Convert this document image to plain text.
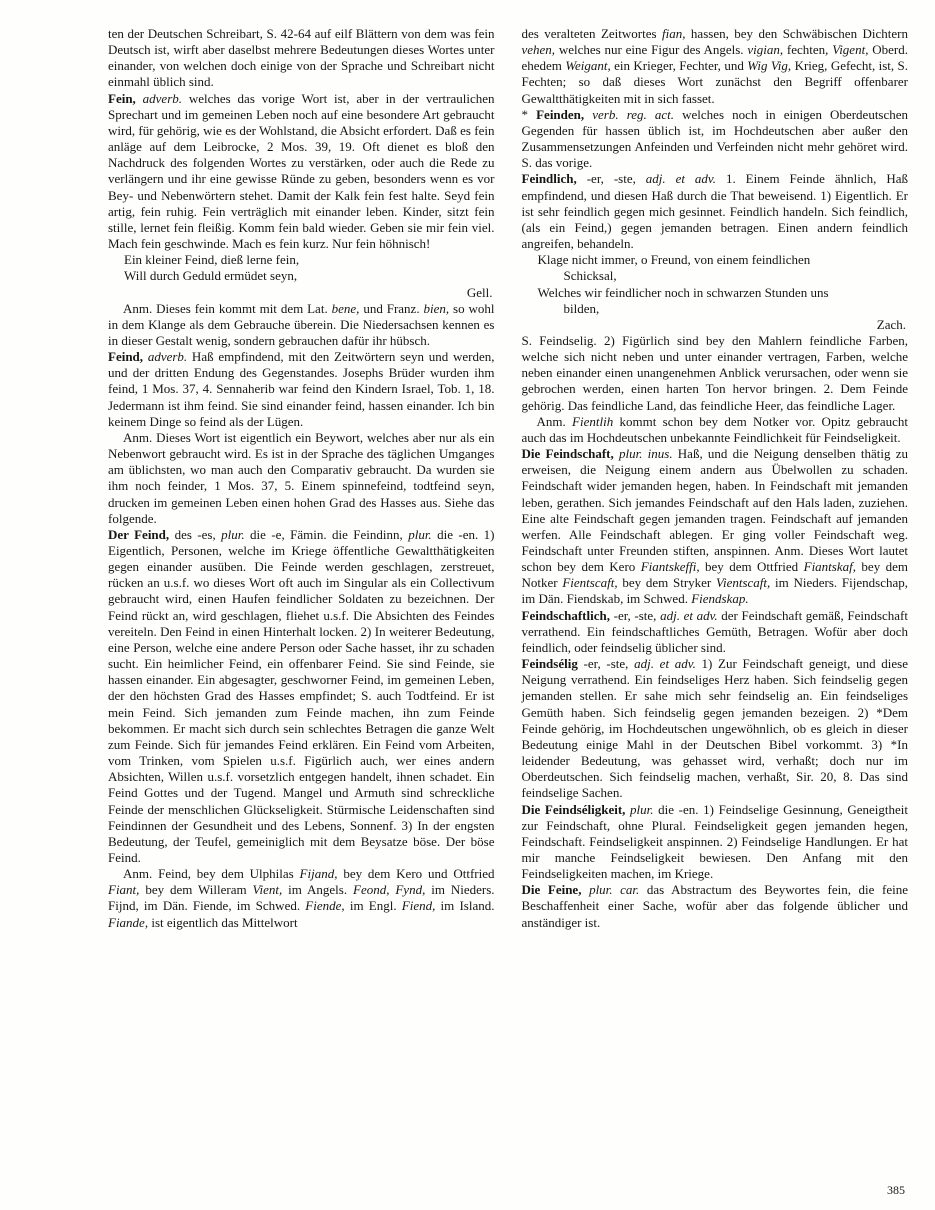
ten der Deutschen Schreibart, S. 42-64 auf eilf Blättern von dem was fein Deutsch ist, wirft aber daselbst mehrere Bedeutungen dieses Wortes unter einander, von welchen doch einige von der Sprache und Schreibart nicht einmahl üblich sind.

Fein, adverb. welches das vorige Wort ist, aber in der vertraulichen Sprechart und im gemeinen Leben noch auf eine besondere Art gebraucht wird, für gehörig, wie es der Wohlstand, die Absicht erfordert. Daß es fein anläge auf dem Leibrocke, 2 Mos. 39, 19. Oft dienet es bloß den Nachdruck des folgenden Wortes zu verstärken, oder auch die Rede zu verlängern und ihr eine gewisse Ründe zu geben, besonders wenn es vor Bey- und Nebenwörtern stehet. Damit der Kalk fein fest halte. Seyd fein artig, fein ruhig. Fein verträglich mit einander leben. Kinder, sitzt fein stille, lernet fein fleißig. Komm fein bald wieder. Geben sie mir fein viel. Mach fein geschwinde. Mach es fein kurz. Nur fein höhnisch!

Ein kleiner Feind, dieß lerne fein,
Will durch Geduld ermüdet seyn,
Gell.

Anm. Dieses fein kommt mit dem Lat. bene, und Franz. bien, so wohl in dem Klange als dem Gebrauche überein. Die Niedersachsen kennen es in dieser Gestalt wenig, sondern gebrauchen dafür ihr hübsch.

Feind, adverb. Haß empfindend, mit den Zeitwörtern seyn und werden, und der dritten Endung des Gegenstandes. Josephs Brüder wurden ihm feind, 1 Mos. 37, 4. Sennaherib war feind den Kindern Israel, Tob. 1, 18. Jedermann ist ihm feind. Sie sind einander feind, hassen einander. Ich bin keinem Dinge so feind als der Lügen.

Anm. Dieses Wort ist eigentlich ein Beywort, welches aber nur als ein Nebenwort gebraucht wird. Es ist in der Sprache des täglichen Umganges am üblichsten, wo man auch den Comparativ gebraucht. Da wurden sie ihm noch feinder, 1 Mos. 37, 5. Einem spinnefeind, todtfeind seyn, drucken im gemeinen Leben einen hohen Grad des Hasses aus. Siehe das folgende.

Der Feind, des -es, plur. die -e, Fämin. die Feindinn, plur. die -en. 1) Eigentlich, Personen, welche im Kriege öffentliche Gewaltthätigkeiten gegen einander ausüben. Die Feinde werden geschlagen, zerstreuet, rücken an u.s.f. wo dieses Wort oft auch im Singular als ein Collectivum gebraucht wird, einen Haufen feindlicher Soldaten zu bezeichnen. Der Feind rückt an, wird geschlagen, fliehet u.s.f. Die Absichten des Feindes vereiteln. Den Feind in einen Hinterhalt locken. 2) In weiterer Bedeutung, eine Person, welche eine andere Person oder Sache hasset, ihr zu schaden sucht. Ein heimlicher Feind, ein offenbarer Feind. Sie sind Feinde, sie hassen einander. Ein abgesagter, geschworner Feind, im gemeinen Leben, der den höchsten Grad des Hasses empfindet; S. auch Todtfeind. Er ist mein Feind. Sich jemanden zum Feinde machen, ihn zum Feinde bekommen. Er macht sich durch sein schlechtes Betragen die ganze Welt zum Feinde. Sich für jemandes Feind erklären. Ein Feind vom Arbeiten, vom Trinken, vom Spielen u.s.f. Figürlich auch, wer eines andern Absichten, Willen u.s.f. vorsetzlich entgegen handelt, ihnen schadet. Ein Feind Gottes und der Tugend. Mangel und Armuth sind schreckliche Feinde der menschlichen Glückseligkeit. Stürmische Leidenschaften sind Feindinnen der Gesundheit und des Lebens, Sonnenf. 3) In der engsten Bedeutung, der Teufel, gemeiniglich mit dem Beysatze böse. Der böse Feind.

Anm. Feind, bey dem Ulphilas Fijand, bey dem Kero und Ottfried Fiant, bey dem Willeram Vient, im Angels. Feond, Fynd, im Nieders. Fijnd, im Dän. Fiende, im Schwed. Fiende, im Engl. Fiend, im Island. Fiande, ist eigentlich das Mittelwort

des veralteten Zeitwortes fian, hassen, bey den Schwäbischen Dichtern vehen, welches nur eine Figur des Angels. vigian, fechten, Vigent, Oberd. ehedem Weigant, ein Krieger, Fechter, und Wig Vig, Krieg, Gefecht, ist, S. Fechten; so daß dieses Wort zunächst den Begriff offenbarer Gewaltthätigkeiten mit in sich fasset.

* Feinden, verb. reg. act. welches noch in einigen Oberdeutschen Gegenden für hassen üblich ist, im Hochdeutschen aber außer den Zusammensetzungen Anfeinden und Verfeinden nicht mehr gehöret wird. S. das vorige.

Feindlich, -er, -ste, adj. et adv. 1. Einem Feinde ähnlich, Haß empfindend, und diesen Haß durch die That beweisend. 1) Eigentlich. Er ist sehr feindlich gegen mich gesinnet. Feindlich handeln. Sich feindlich, (als ein Feind,) gegen jemanden betragen. Einen andern feindlich angreifen, behandeln.

Klage nicht immer, o Freund, von einem feindlichen
Schicksal,
Welches wir feindlicher noch in schwarzen Stunden uns
bilden,
Zach.

S. Feindselig. 2) Figürlich sind bey den Mahlern feindliche Farben, welche sich nicht neben und unter einander vertragen, Farben, welche neben einander einen unangenehmen Anblick verursachen, oder wenn sie gebrochen werden, einen harten Ton hervor bringen. 2. Dem Feinde gehörig. Das feindliche Land, das feindliche Heer, das feindliche Lager.

Anm. Fientlih kommt schon bey dem Notker vor. Opitz gebraucht auch das im Hochdeutschen unbekannte Feindlichkeit für Feindseligkeit.

Die Feindschaft, plur. inus. Haß, und die Neigung denselben thätig zu erweisen, die Neigung einem andern aus Übelwollen zu schaden. Feindschaft wider jemanden hegen, haben. In Feindschaft mit jemanden leben, gerathen. Sich jemandes Feindschaft auf den Hals laden, zuziehen. Eine alte Feindschaft gegen jemanden tragen. Feindschaft auf jemanden werfen. Alle Feindschaft ablegen. Er ging voller Feindschaft weg. Feindschaft unter Freunden stiften, anspinnen. Anm. Dieses Wort lautet schon bey dem Kero Fiantskeffi, bey dem Ottfried Fiantskaf, bey dem Notker Fientscaft, bey dem Stryker Vientscaft, im Nieders. Fijendschap, im Dän. Fiendskab, im Schwed. Fiendskap.

Feindschaftlich, -er, -ste, adj. et adv. der Feindschaft gemäß, Feindschaft verrathend. Ein feindschaftliches Gemüth, Betragen. Wofür aber doch feindlich, oder feindselig üblicher sind.

Feindsélig -er, -ste, adj. et adv. 1) Zur Feindschaft geneigt, und diese Neigung verrathend. Ein feindseliges Herz haben. Sich feindselig gegen jemanden stellen. Er sahe mich sehr feindselig an. Ein feindseliges Gemüth haben. Sich feindselig gegen jemanden bezeigen. 2) *Dem Feinde gehörig, im Hochdeutschen ungewöhnlich, ob es gleich in dieser Bedeutung einige Mahl in der Deutschen Bibel vorkommt. 3) *In leidender Bedeutung, was gehasset wird, verhaßt; doch nur im Oberdeutschen. Sich feindselig machen, verhaßt, Sir. 20, 8. Das sind feindselige Sachen.

Die Feindséligkeit, plur. die -en. 1) Feindselige Gesinnung, Geneigtheit zur Feindschaft, ohne Plural. Feindseligkeit gegen jemanden hegen, Feindschaft. Feindseligkeit anspinnen. 2) Feindselige Handlungen. Er hat mir manche Feindseligkeit bewiesen. Den Anfang mit den Feindseligkeiten machen, im Kriege.

Die Feine, plur. car. das Abstractum des Beywortes fein, die feine Beschaffenheit einer Sache, wofür aber das folgende üblicher und anständiger ist.

385
